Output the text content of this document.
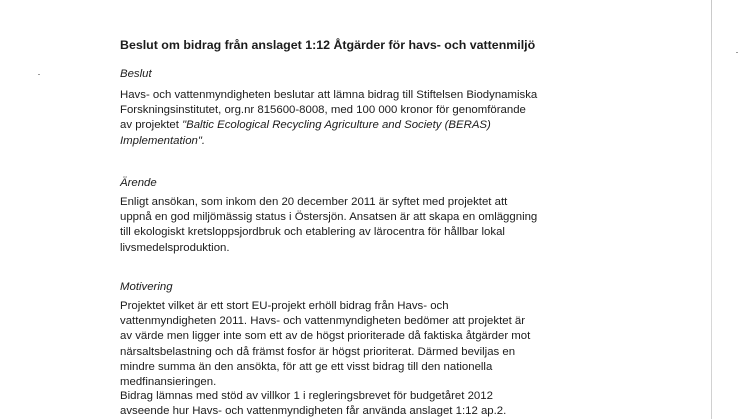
Beslut om bidrag från anslaget 1:12 Åtgärder för havs- och vattenmiljö
Beslut
Havs- och vattenmyndigheten beslutar att lämna bidrag till Stiftelsen Biodynamiska
Forskningsinstitutet, org.nr 815600-8008, med 100 000 kronor för genomförande
av projektet "Baltic Ecological Recycling Agriculture and Society (BERAS)
Implementation".
Ärende
Enligt ansökan, som inkom den 20 december 2011 är syftet med projektet att
uppnå en god miljömässig status i Östersjön. Ansatsen är att skapa en omläggning
till ekologiskt kretsloppsjordbruk och etablering av lärocentra för hållbar lokal
livsmedelsproduktion.
Motivering
Projektet vilket är ett stort EU-projekt erhöll bidrag från Havs- och
vattenmyndigheten 2011. Havs- och vattenmyndigheten bedömer att projektet är
av värde men ligger inte som ett av de högst prioriterade då faktiska åtgärder mot
närsaltsbelastning och då främst fosfor är högst prioriterat. Därmed beviljas en
mindre summa än den ansökta, för att ge ett visst bidrag till den nationella
medfinansieringen.
Bidrag lämnas med stöd av villkor 1 i regleringsbrevet för budgetåret 2012
avseende hur Havs- och vattenmyndigheten får använda anslaget 1:12 ap.2.
